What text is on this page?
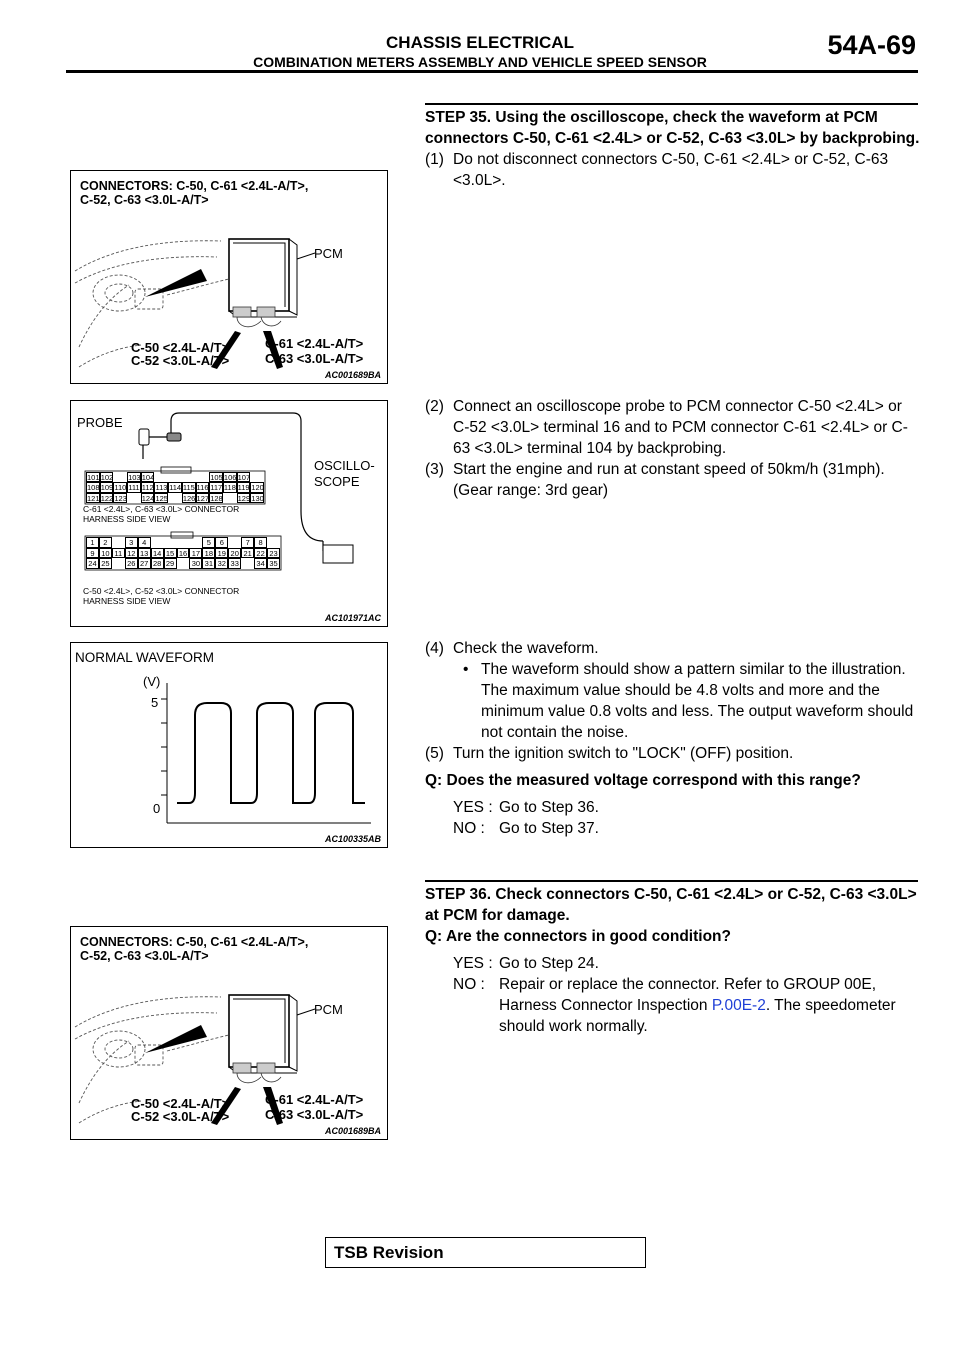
CHASSIS ELECTRICAL
COMBINATION METERS ASSEMBLY AND VEHICLE SPEED SENSOR
54A-69
CONNECTORS: C-50, C-61 <2.4L-A/T>,
C-52, C-63 <3.0L-A/T>
PCM
C-50 <2.4L-A/T>
C-52 <3.0L-A/T>
C-61 <2.4L-A/T>
C-63 <3.0L-A/T>
AC001689BA
PROBE
OSCILLO-
SCOPE
101 102 103 104	105 106 107
108 109 110 111 112 113 114 115 116 117 118 119 120
121 122 123 124 125 126 127 128 129 130
C-61 <2.4L>, C-63 <3.0L> CONNECTOR
HARNESS SIDE VIEW
1	2	3	4	5	6	7	8
9 10 11 12 13 14 15 16 17 18 19 20 21 22 23
24 25	26 27 28 29	30 31 32 33	34 35
C-50 <2.4L>, C-52 <3.0L> CONNECTOR
HARNESS SIDE VIEW
AC101971AC
NORMAL WAVEFORM
(V)
5
0
AC100335AB
CONNECTORS: C-50, C-61 <2.4L-A/T>,
C-52, C-63 <3.0L-A/T>
PCM
C-50 <2.4L-A/T>
C-52 <3.0L-A/T>
C-61 <2.4L-A/T>
C-63 <3.0L-A/T>
AC001689BA
STEP 35. Using the oscilloscope, check the waveform at PCM connectors C-50, C-61 <2.4L> or C-52, C-63 <3.0L> by backprobing.
(1) Do not disconnect connectors C-50, C-61 <2.4L> or C-52, C-63 <3.0L>.
(2) Connect an oscilloscope probe to PCM connector C-50 <2.4L> or C-52 <3.0L> terminal 16 and to PCM connector C-61 <2.4L> or C-63 <3.0L> terminal 104 by backprobing.
(3) Start the engine and run at constant speed of 50km/h (31mph). (Gear range: 3rd gear)
(4) Check the waveform.
• The waveform should show a pattern similar to the illustration. The maximum value should be 4.8 volts and more and the minimum value 0.8 volts and less. The output waveform should not contain the noise.
(5) Turn the ignition switch to "LOCK" (OFF) position.
Q: Does the measured voltage correspond with this range?
YES : Go to Step 36.
NO : Go to Step 37.
STEP 36. Check connectors C-50, C-61 <2.4L> or C-52, C-63 <3.0L> at PCM for damage.
Q: Are the connectors in good condition?
YES : Go to Step 24.
NO : Repair or replace the connector. Refer to GROUP 00E, Harness Connector Inspection P.00E-2. The speedometer should work normally.
TSB Revision
